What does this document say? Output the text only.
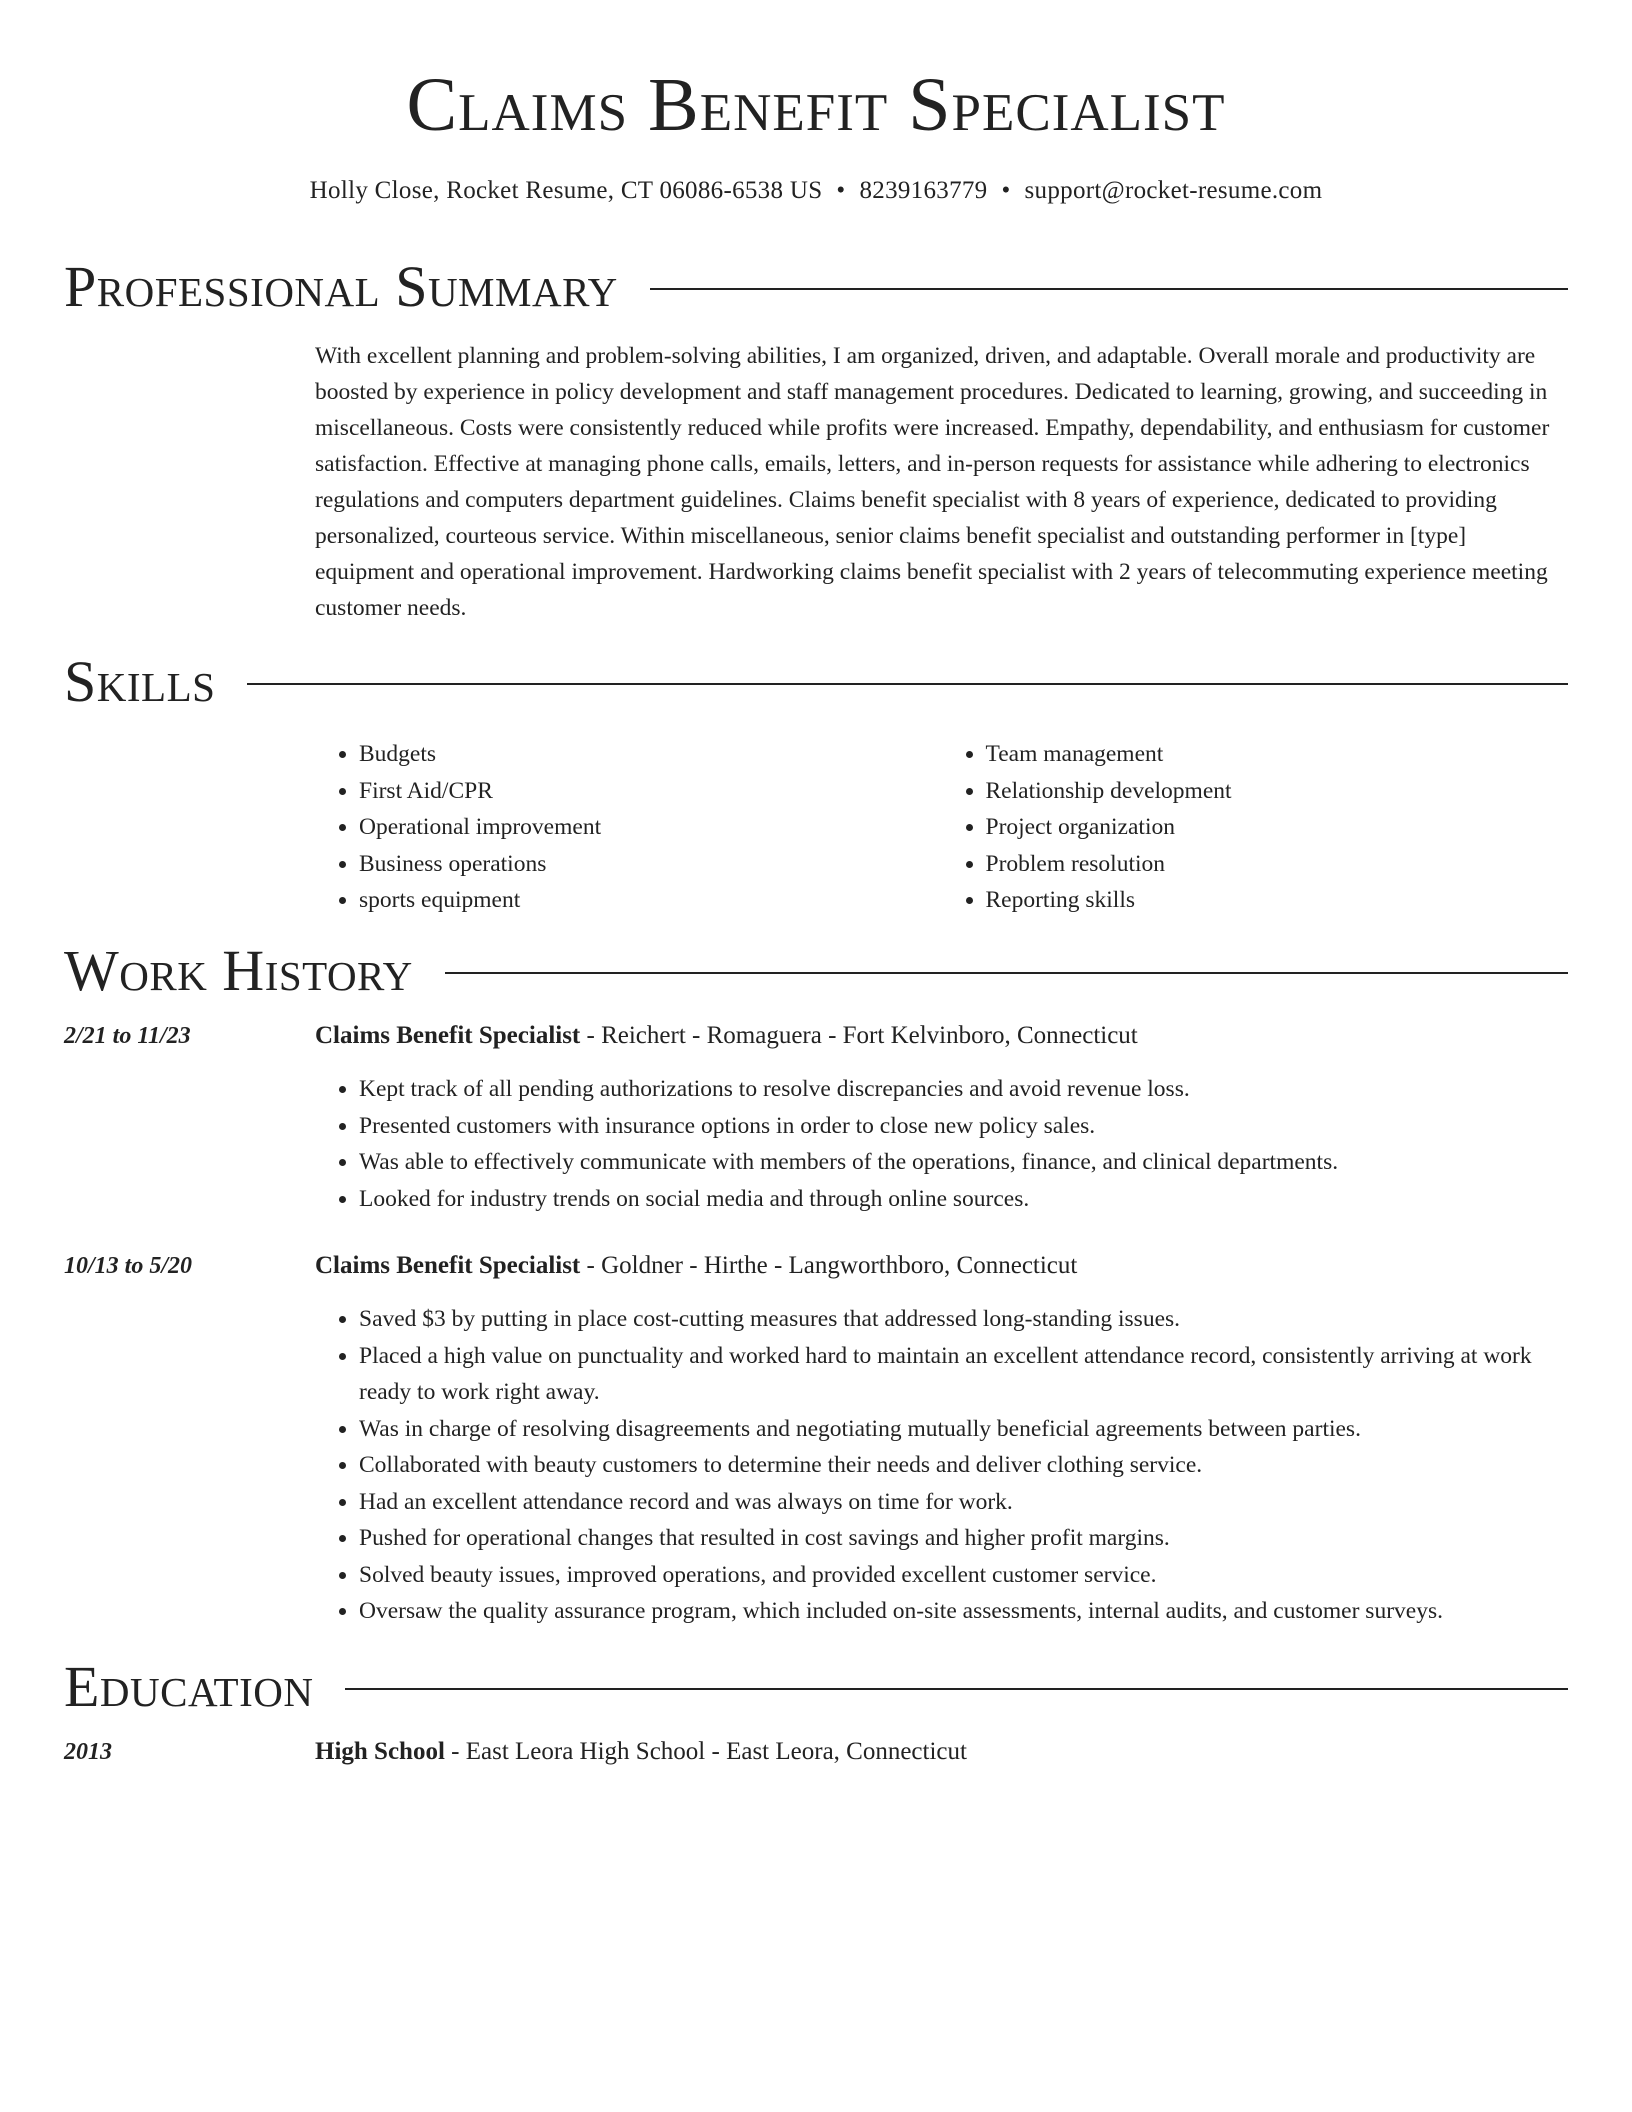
Claims Benefit Specialist
Holly Close, Rocket Resume, CT 06086-6538 US • 8239163779 • support@rocket-resume.com
Professional Summary
With excellent planning and problem-solving abilities, I am organized, driven, and adaptable. Overall morale and productivity are boosted by experience in policy development and staff management procedures. Dedicated to learning, growing, and succeeding in miscellaneous. Costs were consistently reduced while profits were increased. Empathy, dependability, and enthusiasm for customer satisfaction. Effective at managing phone calls, emails, letters, and in-person requests for assistance while adhering to electronics regulations and computers department guidelines. Claims benefit specialist with 8 years of experience, dedicated to providing personalized, courteous service. Within miscellaneous, senior claims benefit specialist and outstanding performer in [type] equipment and operational improvement. Hardworking claims benefit specialist with 2 years of telecommuting experience meeting customer needs.
Skills
• Budgets
• First Aid/CPR
• Operational improvement
• Business operations
• sports equipment
• Team management
• Relationship development
• Project organization
• Problem resolution
• Reporting skills
Work History
2/21 to 11/23	Claims Benefit Specialist - Reichert - Romaguera - Fort Kelvinboro, Connecticut
• Kept track of all pending authorizations to resolve discrepancies and avoid revenue loss.
• Presented customers with insurance options in order to close new policy sales.
• Was able to effectively communicate with members of the operations, finance, and clinical departments.
• Looked for industry trends on social media and through online sources.
10/13 to 5/20	Claims Benefit Specialist - Goldner - Hirthe - Langworthboro, Connecticut
• Saved $3 by putting in place cost-cutting measures that addressed long-standing issues.
• Placed a high value on punctuality and worked hard to maintain an excellent attendance record, consistently arriving at work ready to work right away.
• Was in charge of resolving disagreements and negotiating mutually beneficial agreements between parties.
• Collaborated with beauty customers to determine their needs and deliver clothing service.
• Had an excellent attendance record and was always on time for work.
• Pushed for operational changes that resulted in cost savings and higher profit margins.
• Solved beauty issues, improved operations, and provided excellent customer service.
• Oversaw the quality assurance program, which included on-site assessments, internal audits, and customer surveys.
Education
2013	High School - East Leora High School - East Leora, Connecticut
